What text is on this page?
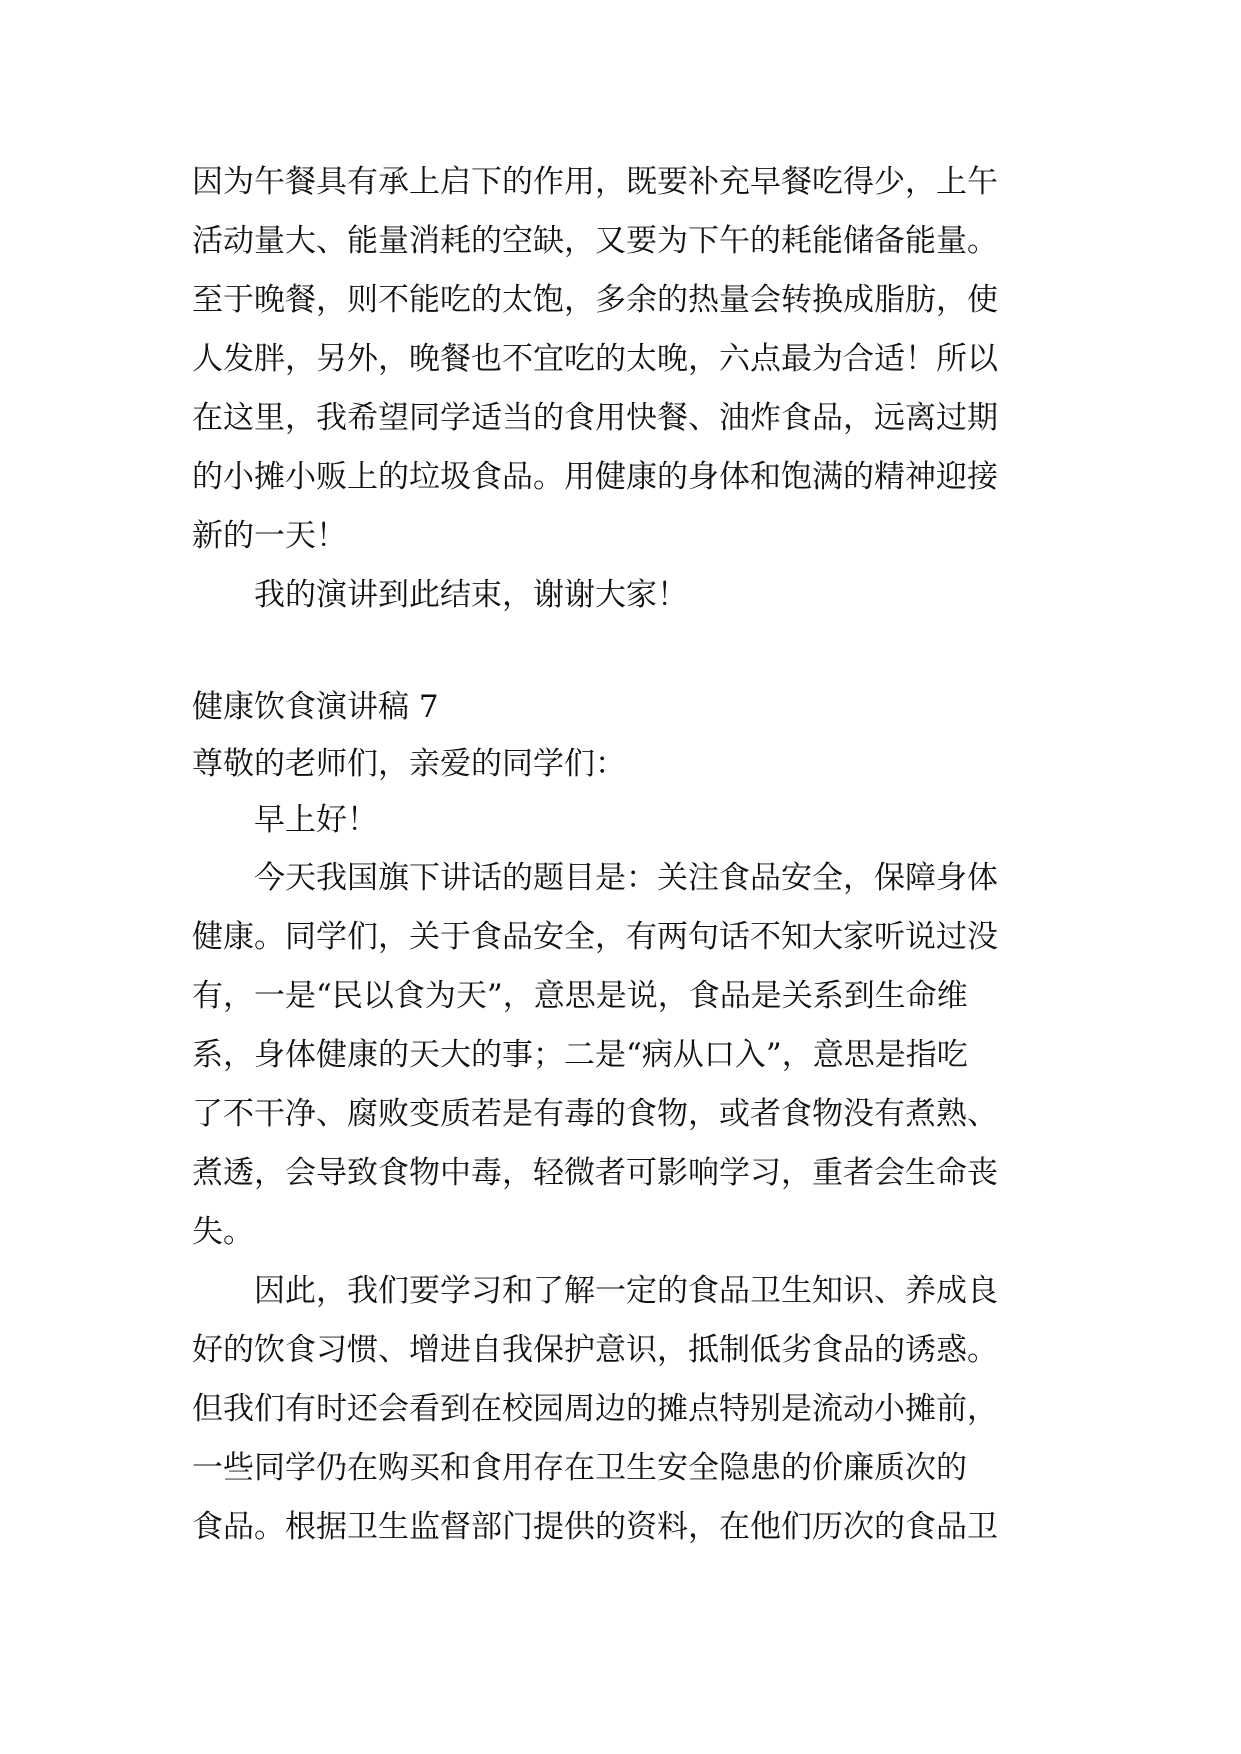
因为午餐具有承上启下的作用，既要补充早餐吃得少，上午
活动量大、能量消耗的空缺，又要为下午的耗能储备能量。
至于晚餐，则不能吃的太饱，多余的热量会转换成脂肪，使
人发胖，另外，晚餐也不宜吃的太晚，六点最为合适！所以
在这里，我希望同学适当的食用快餐、油炸食品，远离过期
的小摊小贩上的垃圾食品。用健康的身体和饱满的精神迎接
新的一天！
我的演讲到此结束，谢谢大家！
健康饮食演讲稿 7
尊敬的老师们，亲爱的同学们：
早上好！
今天我国旗下讲话的题目是：关注食品安全，保障身体
健康。同学们，关于食品安全，有两句话不知大家听说过没
有，一是“民以食为天”，意思是说，食品是关系到生命维
系，身体健康的天大的事；二是“病从口入”，意思是指吃
了不干净、腐败变质若是有毒的食物，或者食物没有煮熟、
煮透，会导致食物中毒，轻微者可影响学习，重者会生命丧
失。
因此，我们要学习和了解一定的食品卫生知识、养成良
好的饮食习惯、增进自我保护意识，抵制低劣食品的诱惑。
但我们有时还会看到在校园周边的摊点特别是流动小摊前，
一些同学仍在购买和食用存在卫生安全隐患的价廉质次的
食品。根据卫生监督部门提供的资料，在他们历次的食品卫
